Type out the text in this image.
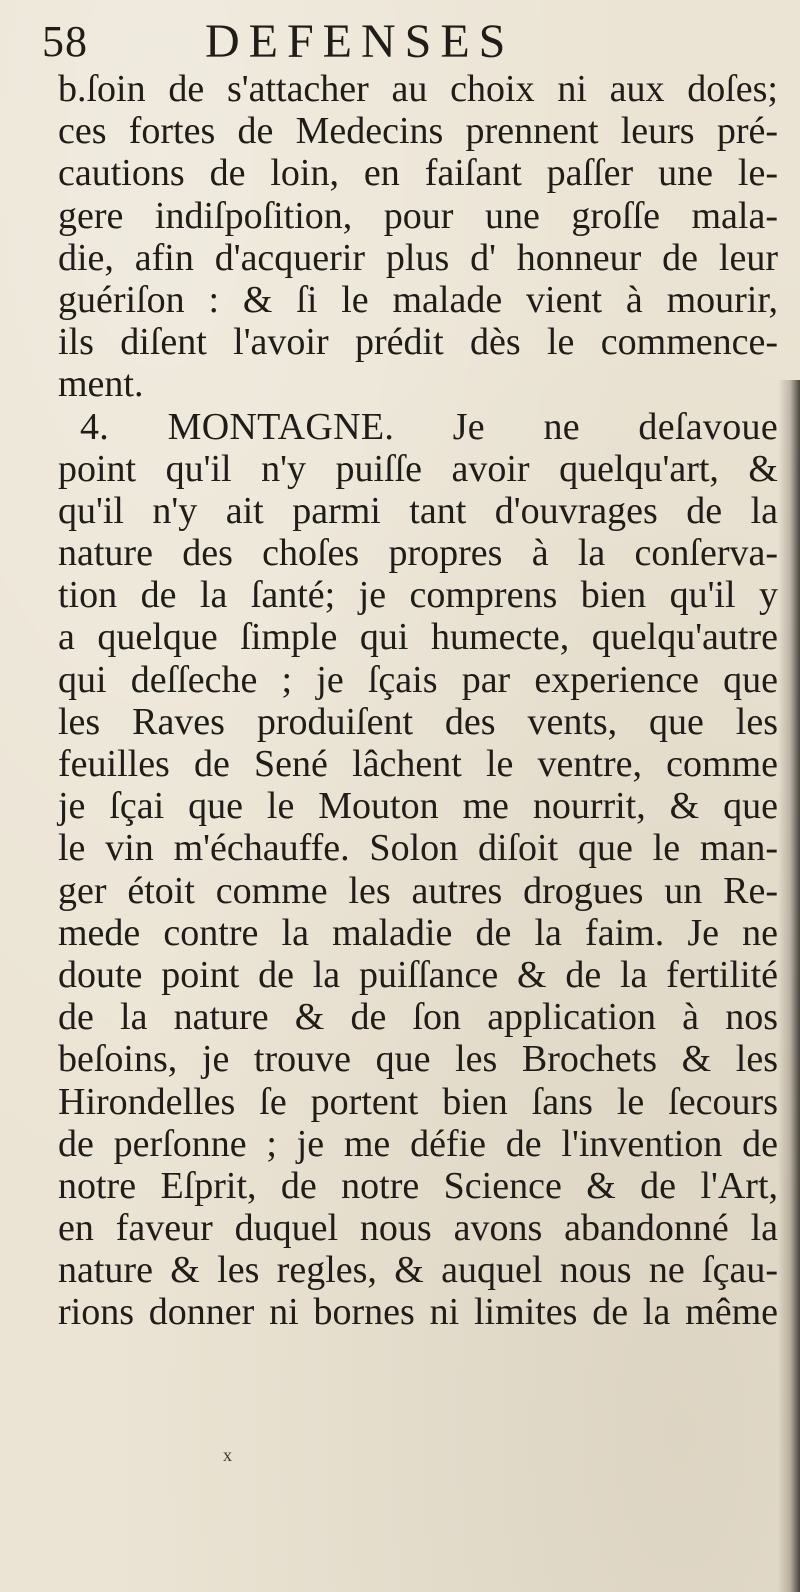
58 DEFENSES
b.ſoin de s'attacher au choix ni aux doſes;
ces fortes de Medecins prennent leurs pré-
cautions de loin, en faiſant paſſer une le-
gere indiſpoſition, pour une groſſe mala-
die, afin d'acquerir plus d' honneur de leur
guériſon : & ſi le malade vient à mourir,
ils diſent l'avoir prédit dès le commence-
ment.
4. MONTAGNE. Je ne deſavoue
point qu'il n'y puiſſe avoir quelqu'art, &
qu'il n'y ait parmi tant d'ouvrages de la
nature des choſes propres à la conſerva-
tion de la ſanté; je comprens bien qu'il y
a quelque ſimple qui humecte, quelqu'autre
qui deſſeche ; je ſçais par experience que
les Raves produiſent des vents, que les
feuilles de Sené lâchent le ventre, comme
je ſçai que le Mouton me nourrit, & que
le vin m'échauffe. Solon diſoit que le man-
ger étoit comme les autres drogues un Re-
mede contre la maladie de la faim. Je ne
doute point de la puiſſance & de la fertilité
de la nature & de ſon application à nos
beſoins, je trouve que les Brochets & les
Hirondelles ſe portent bien ſans le ſecours
de perſonne ; je me défie de l'invention de
notre Eſprit, de notre Science & de l'Art,
en faveur duquel nous avons abandonné la
nature & les regles, & auquel nous ne ſçau-
rions donner ni bornes ni limites de la même
x
